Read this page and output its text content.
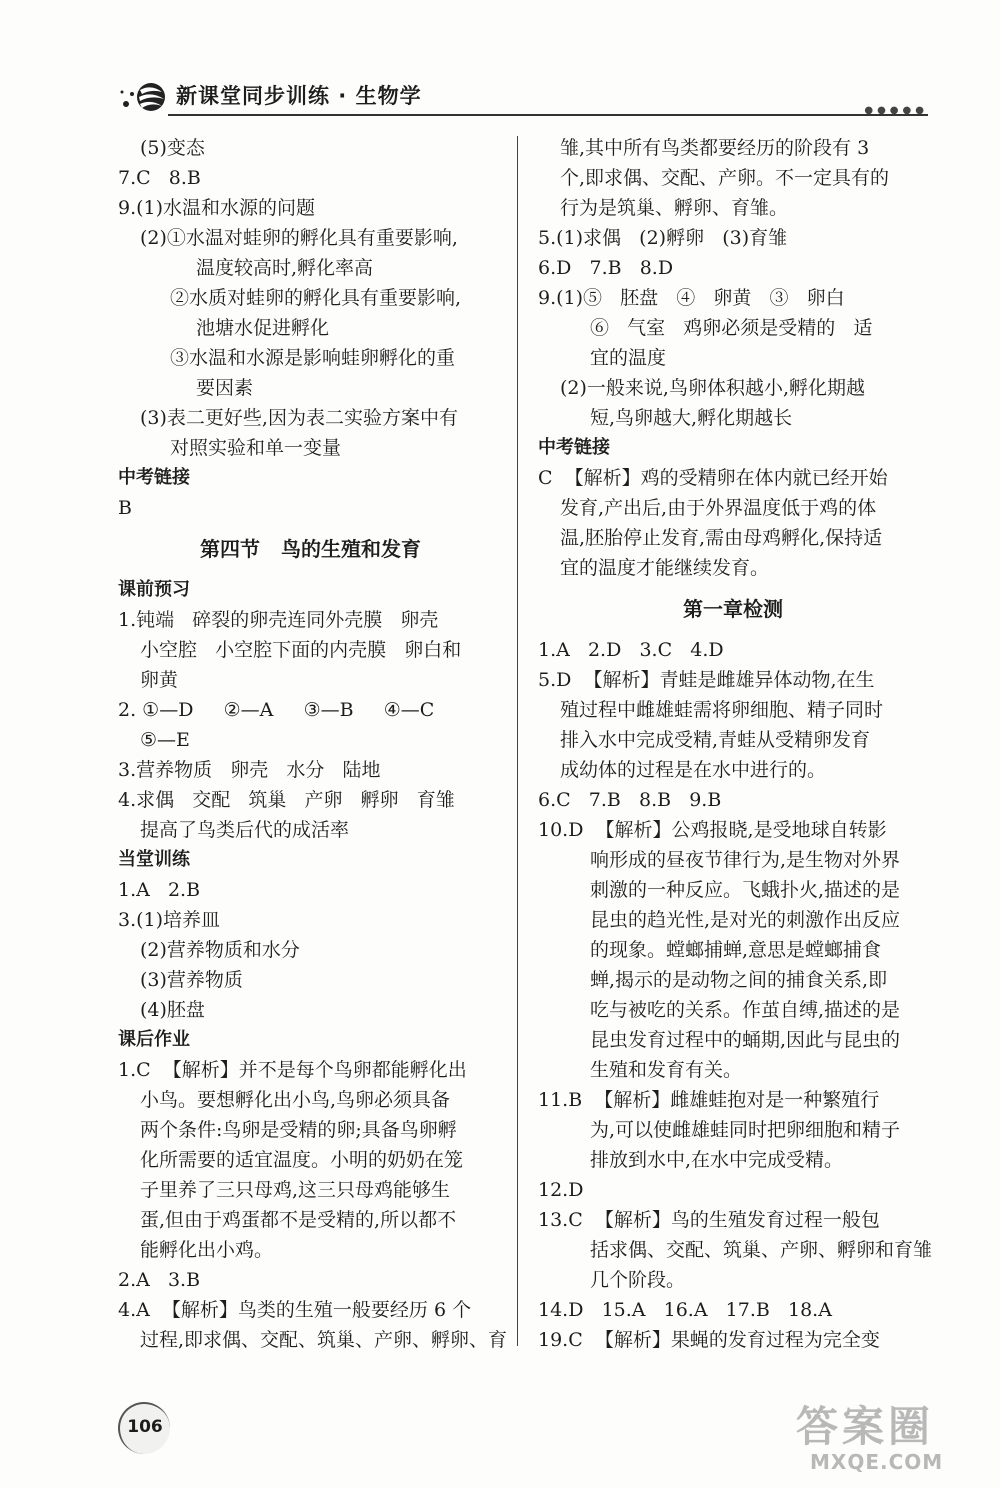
新课堂同步训练 · 生物学
●●●●●
(5)变态
7.C   8.B
9.(1)水温和水源的问题
(2)①水温对蛙卵的孵化具有重要影响,
温度较高时,孵化率高
②水质对蛙卵的孵化具有重要影响,
池塘水促进孵化
③水温和水源是影响蛙卵孵化的重
要因素
(3)表二更好些,因为表二实验方案中有
对照实验和单一变量
中考链接
B
第四节 鸟的生殖和发育
课前预习
1.钝端   碎裂的卵壳连同外壳膜   卵壳
小空腔   小空腔下面的内壳膜   卵白和
卵黄
2. ①—D     ②—A     ③—B     ④—C
⑤—E
3.营养物质   卵壳   水分   陆地
4.求偶   交配   筑巢   产卵   孵卵   育雏
提高了鸟类后代的成活率
当堂训练
1.A   2.B
3.(1)培养皿
(2)营养物质和水分
(3)营养物质
(4)胚盘
课后作业
1.C  【解析】并不是每个鸟卵都能孵化出
小鸟。要想孵化出小鸟,鸟卵必须具备
两个条件:鸟卵是受精的卵;具备鸟卵孵
化所需要的适宜温度。小明的奶奶在笼
子里养了三只母鸡,这三只母鸡能够生
蛋,但由于鸡蛋都不是受精的,所以都不
能孵化出小鸡。
2.A   3.B
4.A  【解析】鸟类的生殖一般要经历 6 个
过程,即求偶、交配、筑巢、产卵、孵卵、育
雏,其中所有鸟类都要经历的阶段有 3
个,即求偶、交配、产卵。不一定具有的
行为是筑巢、孵卵、育雏。
5.(1)求偶   (2)孵卵   (3)育雏
6.D   7.B   8.D
9.(1)⑤   胚盘   ④   卵黄   ③   卵白
⑥   气室   鸡卵必须是受精的   适
宜的温度
(2)一般来说,鸟卵体积越小,孵化期越
短,鸟卵越大,孵化期越长
中考链接
C  【解析】鸡的受精卵在体内就已经开始
发育,产出后,由于外界温度低于鸡的体
温,胚胎停止发育,需由母鸡孵化,保持适
宜的温度才能继续发育。
第一章检测
1.A   2.D   3.C   4.D
5.D  【解析】青蛙是雌雄异体动物,在生
殖过程中雌雄蛙需将卵细胞、精子同时
排入水中完成受精,青蛙从受精卵发育
成幼体的过程是在水中进行的。
6.C   7.B   8.B   9.B
10.D  【解析】公鸡报晓,是受地球自转影
响形成的昼夜节律行为,是生物对外界
刺激的一种反应。飞蛾扑火,描述的是
昆虫的趋光性,是对光的刺激作出反应
的现象。螳螂捕蝉,意思是螳螂捕食
蝉,揭示的是动物之间的捕食关系,即
吃与被吃的关系。作茧自缚,描述的是
昆虫发育过程中的蛹期,因此与昆虫的
生殖和发育有关。
11.B  【解析】雌雄蛙抱对是一种繁殖行
为,可以使雌雄蛙同时把卵细胞和精子
排放到水中,在水中完成受精。
12.D
13.C  【解析】鸟的生殖发育过程一般包
括求偶、交配、筑巢、产卵、孵卵和育雏
几个阶段。
14.D   15.A   16.A   17.B   18.A
19.C  【解析】果蝇的发育过程为完全变
106	答案圈
MXQE.COM
